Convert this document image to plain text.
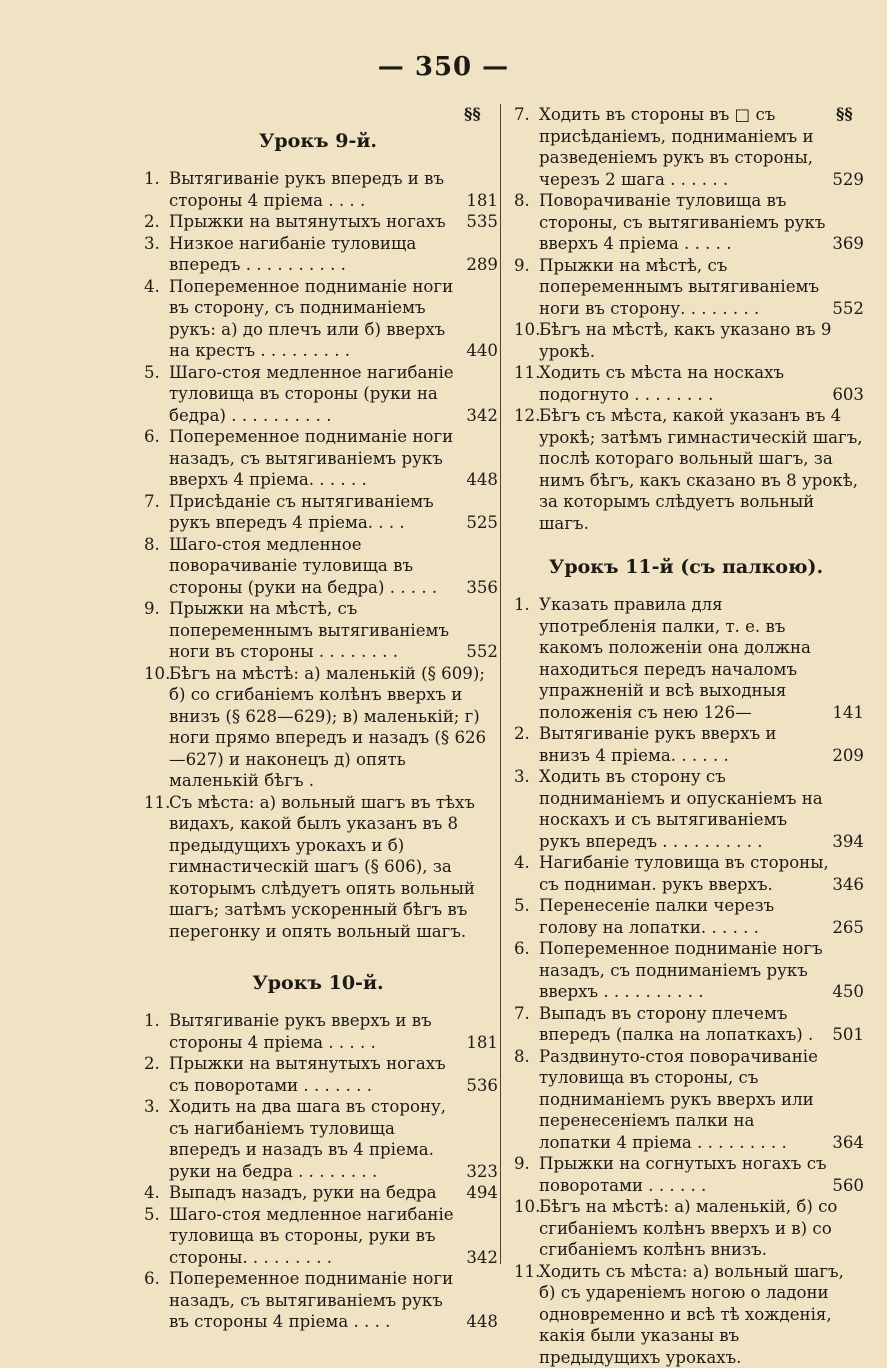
— 350 —
§§	§§
Урокъ 9-й.
1. Вытягиваніе рукъ впередъ и въ стороны 4 пріема . . . .	181
2. Прыжки на вытянутыхъ ногахъ 535
3. Низкое нагибаніе туловища впередъ . . . . . . . . . .	289
4. Попеременное подниманіе ноги въ сторону, съ подниманіемъ рукъ: а) до плечъ или б) вверхъ на крестъ . . . . . . . . .	440
5. Шаго-стоя медленное нагибаніе туловища въ стороны (руки на бедра) . . . . . . . . . .	342
6. Попеременное подниманіе ноги назадъ, съ вытягиваніемъ рукъ вверхъ 4 пріема. . . . . .	448
7. Присѣданіе съ нытягиваніемъ рукъ впередъ 4 пріема. . . .	525
8. Шаго-стоя медленное поворачиваніе туловища въ стороны (руки на бедра) . . . . . 356
9. Прыжки на мѣстѣ, съ попеременнымъ вытягиваніемъ ноги въ стороны . . . . . . . .	552
10.
Бѣгъ на мѣстѣ: а) маленькій (§ 609); б) со сгибаніемъ колѣнъ вверхъ и внизъ (§ 628—629); в) маленькій; г) ноги прямо впередъ и назадъ (§ 626—627) и наконецъ д) опять маленькій бѣгъ .
11.
Съ мѣста: а) вольный шагъ въ тѣхъ видахъ, какой былъ указанъ въ 8 предыдущихъ урокахъ и б) гимнастическій шагъ (§ 606), за которымъ слѣдуетъ опять вольный шагъ; затѣмъ ускоренный бѣгъ въ перегонку и опять вольный шагъ.
Урокъ 10-й.
1. Вытягиваніе рукъ вверхъ и въ стороны 4 пріема . . . . .	181
2. Прыжки на вытянутыхъ ногахъ съ поворотами . . . . . . .	536
3. Ходить на два шага въ сторону, съ нагибаніемъ туловища впередъ и назадъ въ 4 пріема. руки на бедра . . . . . . . .	323
4. Выпадъ назадъ, руки на бедра 494
5. Шаго-стоя медленное нагибаніе туловища въ стороны, руки въ стороны. . . . . . . . .	342
6. Попеременное подниманіе ноги назадъ, съ вытягиваніемъ рукъ въ стороны 4 пріема . . . .	448
7. Ходить въ стороны въ □ съ присѣданіемъ, подниманіемъ и разведеніемъ рукъ въ стороны, черезъ 2 шага . . . . . .	529
8. Поворачиваніе туловища въ стороны, съ вытягиваніемъ рукъ вверхъ 4 пріема . . . . .	369
9. Прыжки на мѣстѣ, съ попеременнымъ вытягиваніемъ ноги въ сторону. . . . . . . .	552
10.
Бѣгъ на мѣстѣ, какъ указано въ 9 урокѣ.
11.
Ходить съ мѣста на носкахъ подогнуто . . . . . . . .	603
12.
Бѣгъ съ мѣста, какой указанъ въ 4 урокѣ; затѣмъ гимнастическій шагъ, послѣ котораго вольный шагъ, за нимъ бѣгъ, какъ сказано въ 8 урокѣ, за которымъ слѣдуетъ вольный шагъ.
Урокъ 11-й (съ палкою).
1. Указать правила для употребленія палки, т. е. въ какомъ положеніи она должна находиться передъ началомъ упражненій и всѣ выходныя положенія съ нею 126—	141
2. Вытягиваніе рукъ вверхъ и внизъ 4 пріема. . . . . .	209
3. Ходить въ сторону съ подниманіемъ и опусканіемъ на носкахъ и съ вытягиваніемъ рукъ впередъ . . . . . . . . . .	394
4. Нагибаніе туловища въ стороны, съ подниман. рукъ вверхъ.	346
5. Перенесеніе палки черезъ голову на лопатки. . . . . .	265
6. Попеременное подниманіе ногъ назадъ, съ подниманіемъ рукъ вверхъ . . . . . . . . . .	450
7. Выпадъ въ сторону плечемъ впередъ (палка на лопаткахъ) . 501
8. Раздвинуто-стоя поворачиваніе туловища въ стороны, съ подниманіемъ рукъ вверхъ или перенесеніемъ палки на лопатки 4 пріема . . . . . . . . .	364
9. Прыжки на согнутыхъ ногахъ съ поворотами . . . . . .	560
10.
Бѣгъ на мѣстѣ: а) маленькій, б) со сгибаніемъ колѣнъ вверхъ и в) со сгибаніемъ колѣнъ внизъ.
11.
Ходить съ мѣста: а) вольный шагъ, б) съ удареніемъ ногою о ладони одновременно и всѣ тѣ хожденія, какія были указаны въ предыдущихъ урокахъ.
